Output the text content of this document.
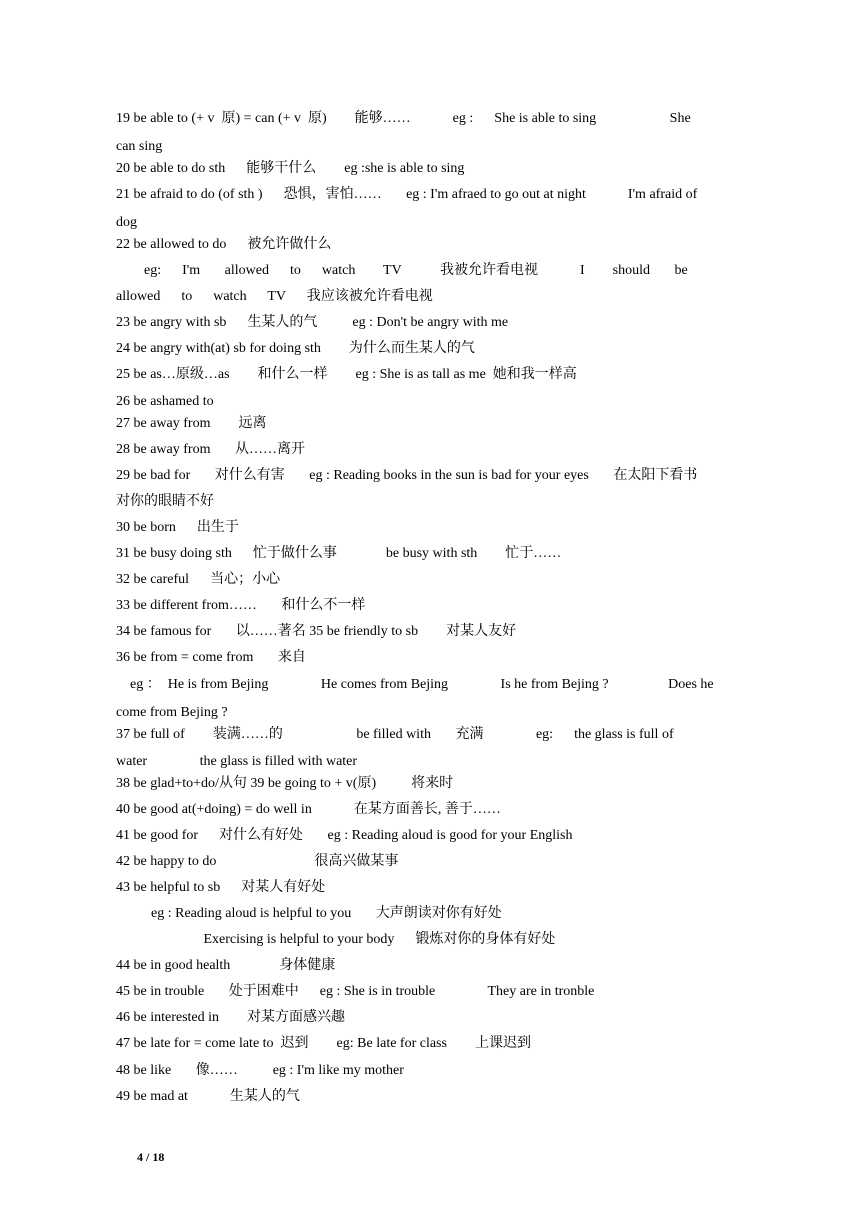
19 be able to (+ v  原) = can (+ v  原)        能够……            eg :      She is able to sing                     She
can sing
20 be able to do sth      能够干什么        eg :she is able to sing
21 be afraid to do (of sth )      恐惧，害怕……       eg : I'm afraed to go out at night            I'm afraid of
dog
22 be allowed to do      被允许做什么
eg:      I'm       allowed      to      watch        TV           我被允许看电视            I        should       be
allowed      to      watch      TV      我应该被允许看电视
23 be angry with sb      生某人的气          eg : Don't be angry with me
24 be angry with(at) sb for doing sth        为什么而生某人的气
25 be as…原级…as        和什么一样        eg : She is as tall as me  她和我一样高
26 be ashamed to
27 be away from        远离
28 be away from       从……离开
29 be bad for       对什么有害       eg : Reading books in the sun is bad for your eyes       在太阳下看书
对你的眼睛不好
30 be born      出生于
31 be busy doing sth      忙于做什么事              be busy with sth        忙于……
32 be careful      当心；小心
33 be different from……       和什么不一样
34 be famous for       以……著名 35 be friendly to sb        对某人友好
36 be from = come from       来自
eg ：  He is from Bejing               He comes from Bejing               Is he from Bejing ?                 Does he
come from Bejing ?
37 be full of        装满……的                     be filled with       充满               eg:      the glass is full of
water               the glass is filled with water
38 be glad+to+do/从句 39 be going to + v(原)          将来时
40 be good at(+doing) = do well in            在某方面善长, 善于……
41 be good for      对什么有好处       eg : Reading aloud is good for your English
42 be happy to do                            很高兴做某事
43 be helpful to sb      对某人有好处
eg : Reading aloud is helpful to you       大声朗读对你有好处
Exercising is helpful to your body      锻炼对你的身体有好处
44 be in good health              身体健康
45 be in trouble       处于困难中      eg : She is in trouble               They are in tronble
46 be interested in        对某方面感兴趣
47 be late for = come late to  迟到        eg: Be late for class        上课迟到
48 be like       像……          eg : I'm like my mother
49 be mad at            生某人的气
4 / 18
